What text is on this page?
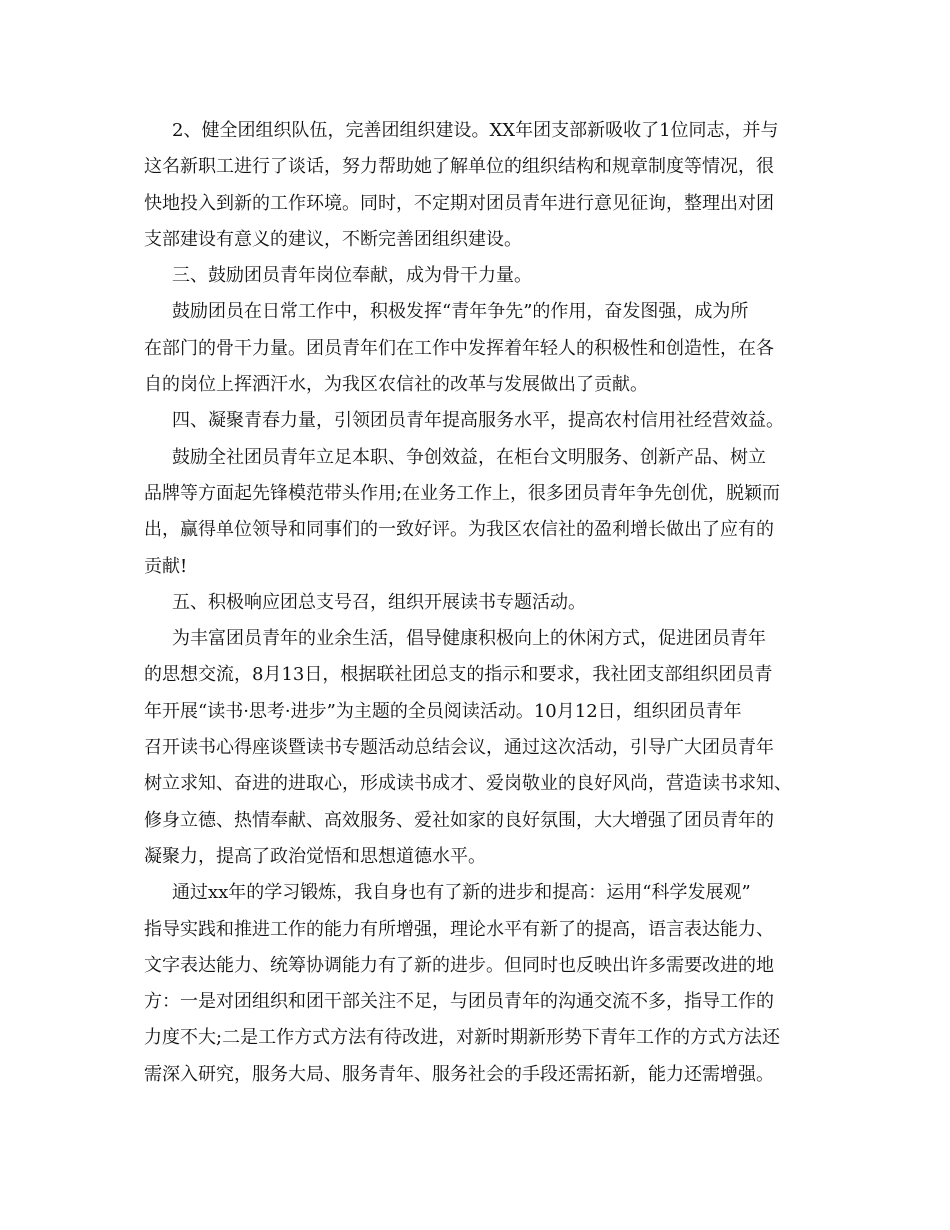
2、健全团组织队伍，完善团组织建设。XX年团支部新吸收了1位同志，并与
这名新职工进行了谈话，努力帮助她了解单位的组织结构和规章制度等情况，很
快地投入到新的工作环境。同时，不定期对团员青年进行意见征询，整理出对团
支部建设有意义的建议，不断完善团组织建设。
三、鼓励团员青年岗位奉献，成为骨干力量。
鼓励团员在日常工作中，积极发挥“青年争先”的作用，奋发图强，成为所
在部门的骨干力量。团员青年们在工作中发挥着年轻人的积极性和创造性，在各
自的岗位上挥洒汗水，为我区农信社的改革与发展做出了贡献。
四、凝聚青春力量，引领团员青年提高服务水平，提高农村信用社经营效益。
鼓励全社团员青年立足本职、争创效益，在柜台文明服务、创新产品、树立
品牌等方面起先锋模范带头作用;在业务工作上，很多团员青年争先创优，脱颖而
出，赢得单位领导和同事们的一致好评。为我区农信社的盈利增长做出了应有的
贡献!
五、积极响应团总支号召，组织开展读书专题活动。
为丰富团员青年的业余生活，倡导健康积极向上的休闲方式，促进团员青年
的思想交流，8月13日，根据联社团总支的指示和要求，我社团支部组织团员青
年开展“读书·思考·进步”为主题的全员阅读活动。10月12日，组织团员青年
召开读书心得座谈暨读书专题活动总结会议，通过这次活动，引导广大团员青年
树立求知、奋进的进取心，形成读书成才、爱岗敬业的良好风尚，营造读书求知、
修身立德、热情奉献、高效服务、爱社如家的良好氛围，大大增强了团员青年的
凝聚力，提高了政治觉悟和思想道德水平。
通过xx年的学习锻炼，我自身也有了新的进步和提高：运用“科学发展观”
指导实践和推进工作的能力有所增强，理论水平有新了的提高，语言表达能力、
文字表达能力、统筹协调能力有了新的进步。但同时也反映出许多需要改进的地
方：一是对团组织和团干部关注不足，与团员青年的沟通交流不多，指导工作的
力度不大;二是工作方式方法有待改进，对新时期新形势下青年工作的方式方法还
需深入研究，服务大局、服务青年、服务社会的手段还需拓新，能力还需增强。
